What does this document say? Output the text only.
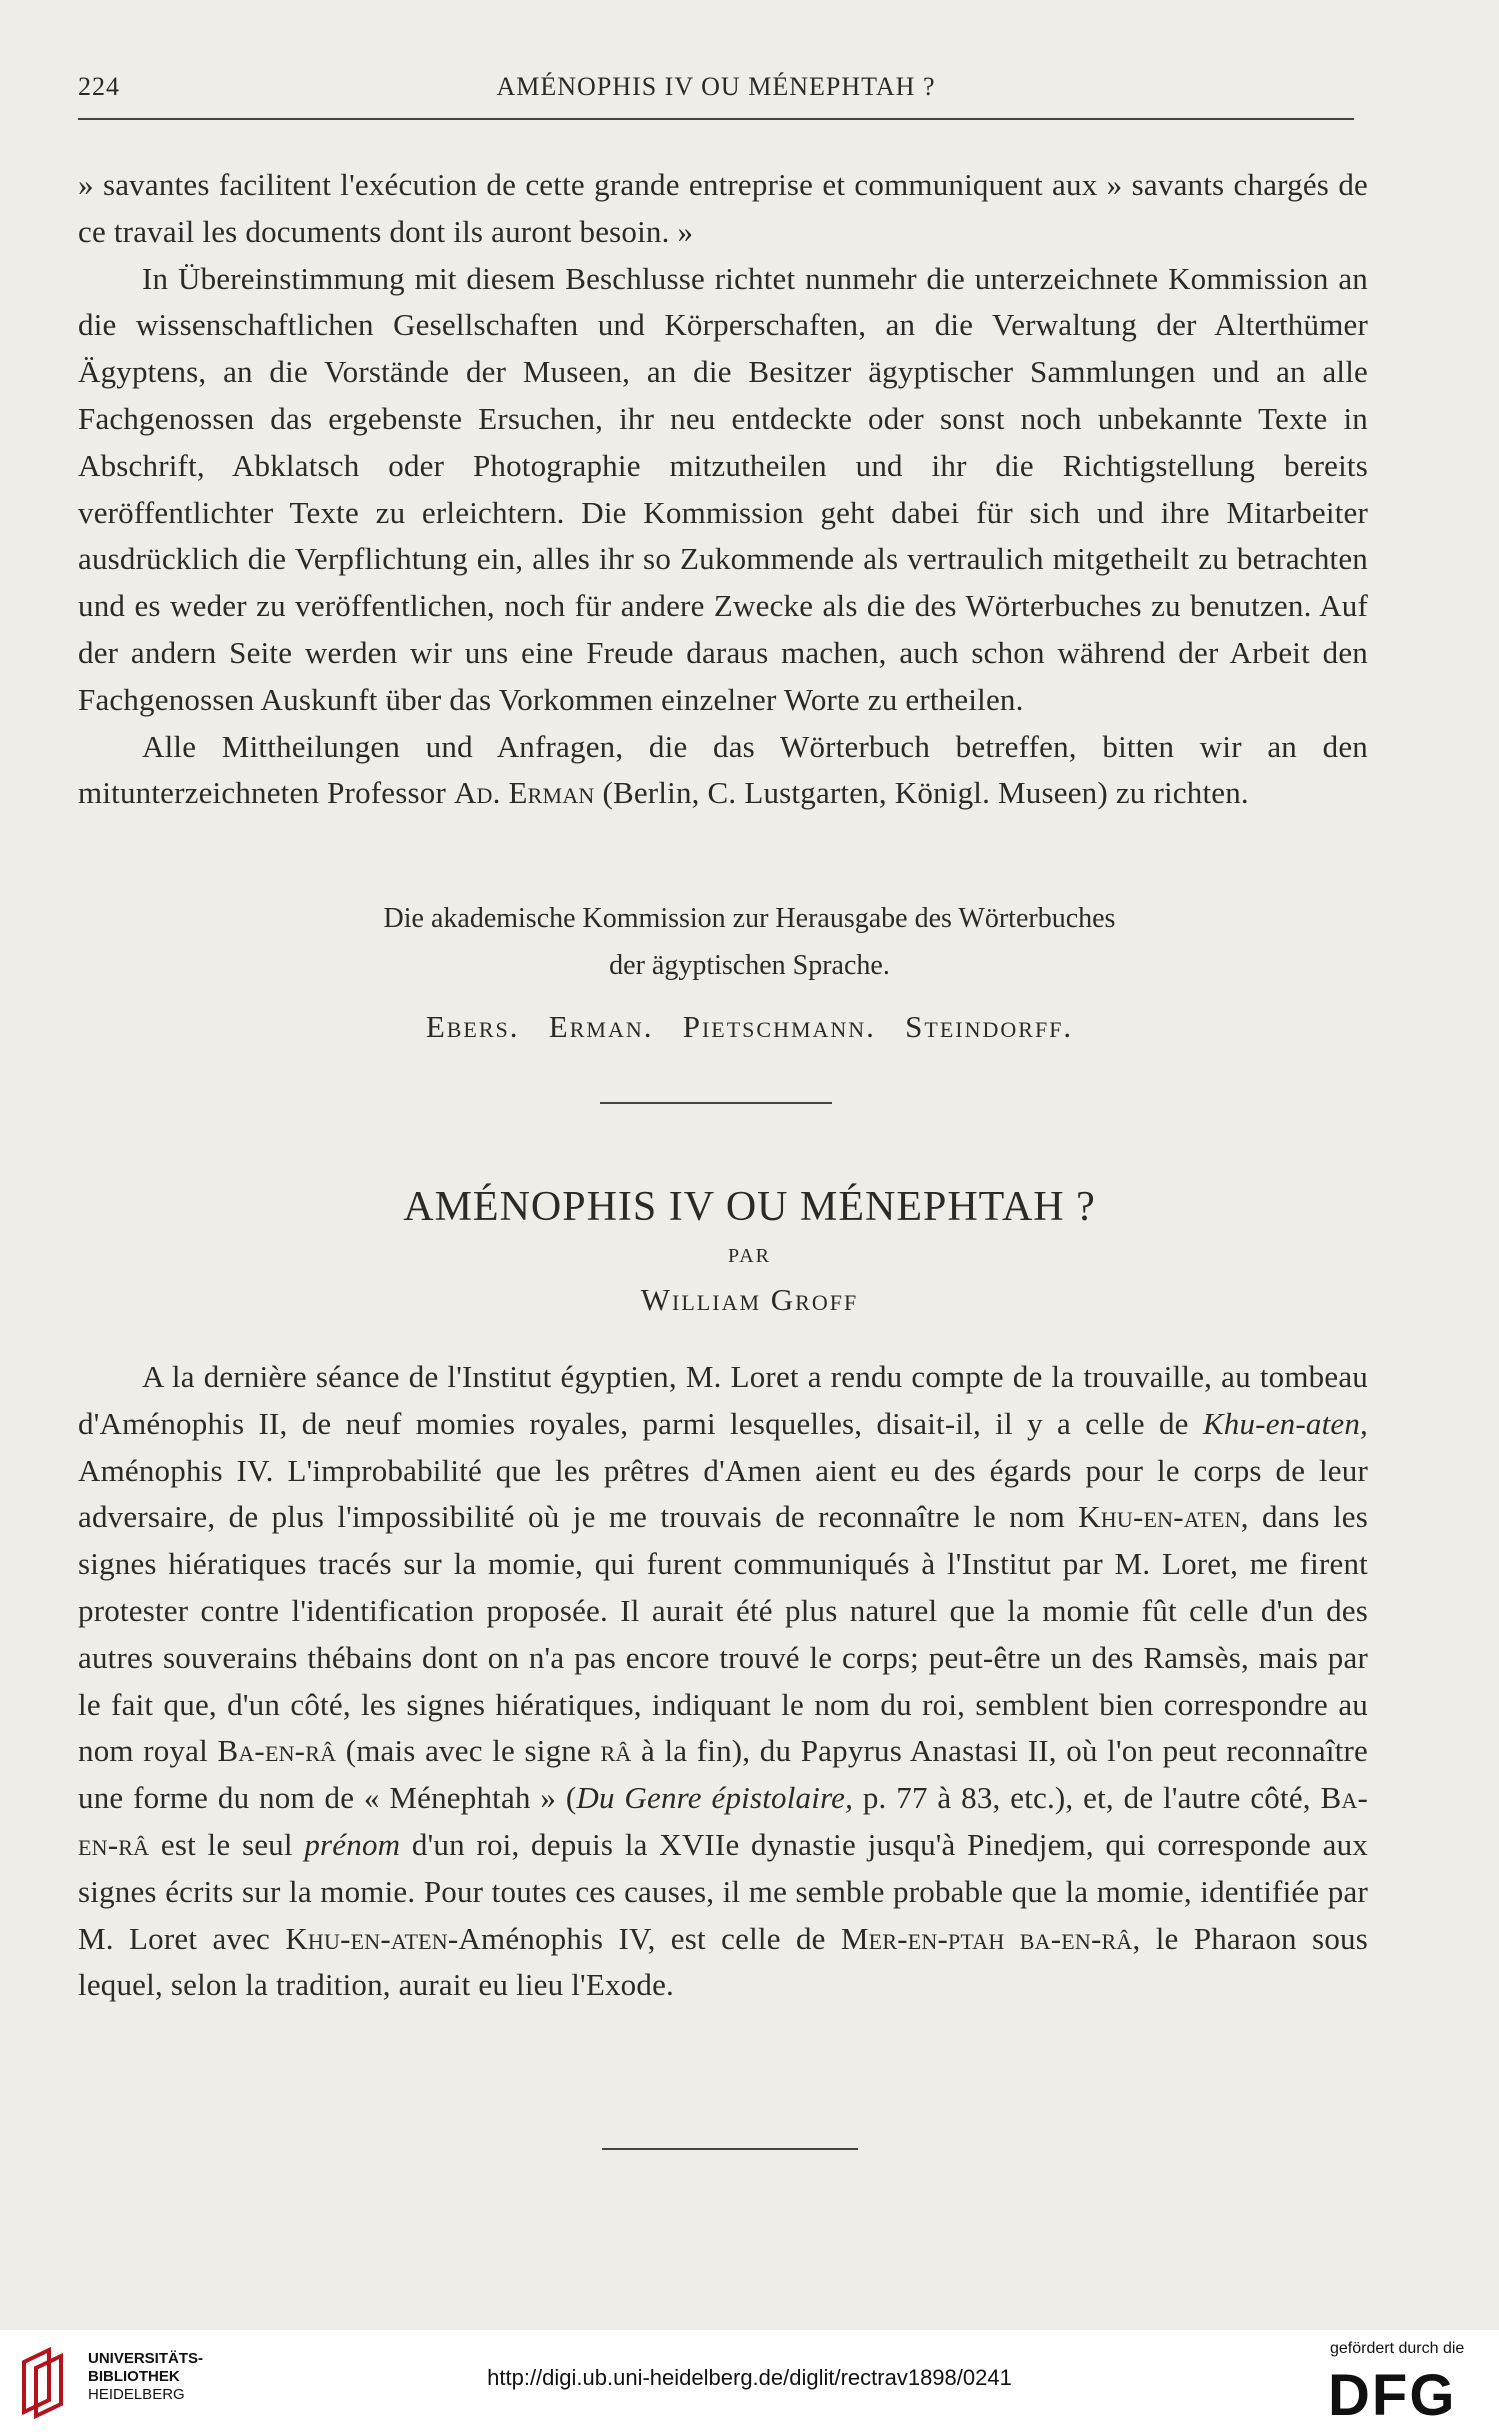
224	AMÉNOPHIS IV OU MÉNEPHTAH ?

» savantes facilitent l'exécution de cette grande entreprise et communiquent aux » savants chargés de ce travail les documents dont ils auront besoin. »

In Übereinstimmung mit diesem Beschlusse richtet nunmehr die unterzeichnete Kommission an die wissenschaftlichen Gesellschaften und Körperschaften, an die Verwaltung der Alterthümer Ägyptens, an die Vorstände der Museen, an die Besitzer ägyptischer Sammlungen und an alle Fachgenossen das ergebenste Ersuchen, ihr neu entdeckte oder sonst noch unbekannte Texte in Abschrift, Abklatsch oder Photographie mitzutheilen und ihr die Richtigstellung bereits veröffentlichter Texte zu erleichtern. Die Kommission geht dabei für sich und ihre Mitarbeiter ausdrücklich die Verpflichtung ein, alles ihr so Zukommende als vertraulich mitgetheilt zu betrachten und es weder zu veröffentlichen, noch für andere Zwecke als die des Wörterbuches zu benutzen. Auf der andern Seite werden wir uns eine Freude daraus machen, auch schon während der Arbeit den Fachgenossen Auskunft über das Vorkommen einzelner Worte zu ertheilen.

Alle Mittheilungen und Anfragen, die das Wörterbuch betreffen, bitten wir an den mitunterzeichneten Professor Ad. Erman (Berlin, C. Lustgarten, Königl. Museen) zu richten.

Die akademische Kommission zur Herausgabe des Wörterbuches
der ägyptischen Sprache.
Ebers.   Erman.   Pietschmann.   Steindorff.
AMÉNOPHIS IV OU MÉNEPHTAH ?
PAR
William Groff

A la dernière séance de l'Institut égyptien, M. Loret a rendu compte de la trouvaille, au tombeau d'Aménophis II, de neuf momies royales, parmi lesquelles, disait-il, il y a celle de Khu-en-aten, Aménophis IV. L'improbabilité que les prêtres d'Amen aient eu des égards pour le corps de leur adversaire, de plus l'impossibilité où je me trouvais de reconnaître le nom Khu-en-aten, dans les signes hiératiques tracés sur la momie, qui furent communiqués à l'Institut par M. Loret, me firent protester contre l'identification proposée. Il aurait été plus naturel que la momie fût celle d'un des autres souverains thébains dont on n'a pas encore trouvé le corps; peut-être un des Ramsès, mais par le fait que, d'un côté, les signes hiératiques, indiquant le nom du roi, semblent bien correspondre au nom royal Ba-en-râ (mais avec le signe râ à la fin), du Papyrus Anastasi II, où l'on peut reconnaître une forme du nom de « Ménephtah » (Du Genre épistolaire, p. 77 à 83, etc.), et, de l'autre côté, Ba-en-râ est le seul prénom d'un roi, depuis la XVIIe dynastie jusqu'à Pinedjem, qui corresponde aux signes écrits sur la momie. Pour toutes ces causes, il me semble probable que la momie, identifiée par M. Loret avec Khu-en-aten-Aménophis IV, est celle de Mer-en-ptah ba-en-râ, le Pharaon sous lequel, selon la tradition, aurait eu lieu l'Exode.

UNIVERSITÄTS-
BIBLIOTHEK
HEIDELBERG
http://digi.ub.uni-heidelberg.de/diglit/rectrav1898/0241
gefördert durch die
DFG
